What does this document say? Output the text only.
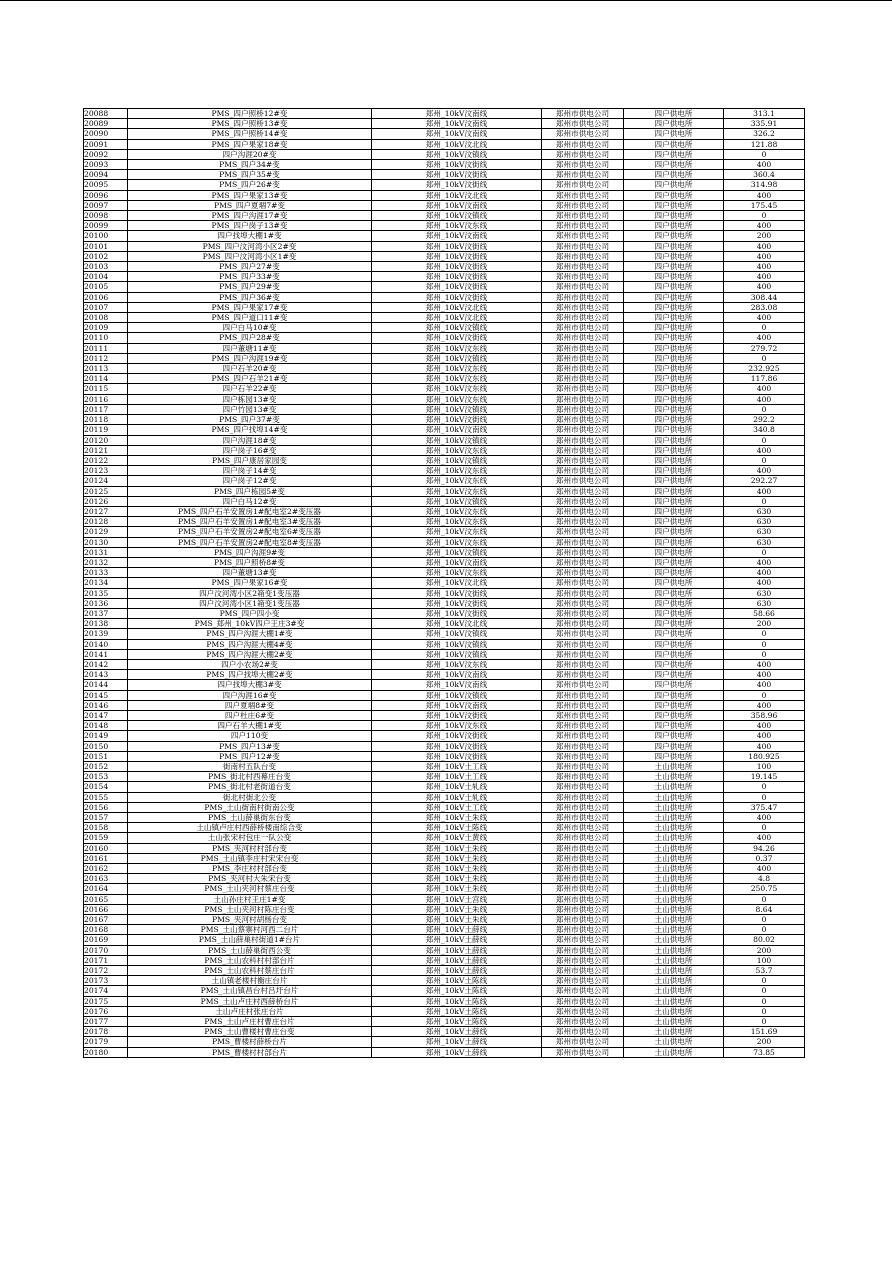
20088	PMS_四户照桥12#变	郑州_10kV汶南线	郑州市供电公司	四户供电所	313.1
20089	PMS_四户照桥13#变	郑州_10kV汶南线	郑州市供电公司	四户供电所	335.91
20090	PMS_四户照桥14#变	郑州_10kV汶南线	郑州市供电公司	四户供电所	326.2
20091	PMS_四户果家18#变	郑州_10kV汶北线	郑州市供电公司	四户供电所	121.88
20092	四户沟涯20#变	郑州_10kV汶镇线	郑州市供电公司	四户供电所	0
20093	PMS_四户34#变	郑州_10kV汶街线	郑州市供电公司	四户供电所	400
20094	PMS_四户35#变	郑州_10kV汶街线	郑州市供电公司	四户供电所	360.4
20095	PMS_四户26#变	郑州_10kV汶街线	郑州市供电公司	四户供电所	314.98
20096	PMS_四户果家13#变	郑州_10kV汶北线	郑州市供电公司	四户供电所	400
20097	PMS_四户夏堌7#变	郑州_10kV汶南线	郑州市供电公司	四户供电所	175.45
20098	PMS_四户沟涯17#变	郑州_10kV汶镇线	郑州市供电公司	四户供电所	0
20099	PMS_四户岗子13#变	郑州_10kV汶东线	郑州市供电公司	四户供电所	400
20100	四户找埠大棚1#变	郑州_10kV汶南线	郑州市供电公司	四户供电所	200
20101	PMS_四户汶河湾小区2#变	郑州_10kV汶街线	郑州市供电公司	四户供电所	400
20102	PMS_四户汶河湾小区1#变	郑州_10kV汶街线	郑州市供电公司	四户供电所	400
20103	PMS_四户27#变	郑州_10kV汶街线	郑州市供电公司	四户供电所	400
20104	PMS_四户33#变	郑州_10kV汶街线	郑州市供电公司	四户供电所	400
20105	PMS_四户29#变	郑州_10kV汶街线	郑州市供电公司	四户供电所	400
20106	PMS_四户36#变	郑州_10kV汶街线	郑州市供电公司	四户供电所	308.44
20107	PMS_四户果家17#变	郑州_10kV汶北线	郑州市供电公司	四户供电所	283.08
20108	PMS_四户道口11#变	郑州_10kV汶北线	郑州市供电公司	四户供电所	400
20109	四户白马10#变	郑州_10kV汶镇线	郑州市供电公司	四户供电所	0
20110	PMS_四户28#变	郑州_10kV汶街线	郑州市供电公司	四户供电所	400
20111	四户董塘11#变	郑州_10kV汶东线	郑州市供电公司	四户供电所	279.72
20112	PMS_四户沟涯19#变	郑州_10kV汶镇线	郑州市供电公司	四户供电所	0
20113	四户石羊20#变	郑州_10kV汶东线	郑州市供电公司	四户供电所	232.925
20114	PMS_四户石羊21#变	郑州_10kV汶东线	郑州市供电公司	四户供电所	117.86
20115	四户石羊22#变	郑州_10kV汶东线	郑州市供电公司	四户供电所	400
20116	四户栋园13#变	郑州_10kV汶东线	郑州市供电公司	四户供电所	400
20117	四户竹园13#变	郑州_10kV汶镇线	郑州市供电公司	四户供电所	0
20118	PMS_四户37#变	郑州_10kV汶街线	郑州市供电公司	四户供电所	292.2
20119	PMS_四户找埠14#变	郑州_10kV汶南线	郑州市供电公司	四户供电所	340.8
20120	四户沟涯18#变	郑州_10kV汶镇线	郑州市供电公司	四户供电所	0
20121	四户岗子16#变	郑州_10kV汶东线	郑州市供电公司	四户供电所	400
20122	PMS_四户康居家园变	郑州_10kV汶镇线	郑州市供电公司	四户供电所	0
20123	四户岗子14#变	郑州_10kV汶东线	郑州市供电公司	四户供电所	400
20124	四户岗子12#变	郑州_10kV汶东线	郑州市供电公司	四户供电所	292.27
20125	PMS_四户栋园5#变	郑州_10kV汶东线	郑州市供电公司	四户供电所	400
20126	四户白马12#变	郑州_10kV汶镇线	郑州市供电公司	四户供电所	0
20127	PMS_四户石羊安置房1#配电室2#变压器	郑州_10kV汶东线	郑州市供电公司	四户供电所	630
20128	PMS_四户石羊安置房1#配电室3#变压器	郑州_10kV汶东线	郑州市供电公司	四户供电所	630
20129	PMS_四户石羊安置房2#配电室6#变压器	郑州_10kV汶东线	郑州市供电公司	四户供电所	630
20130	PMS_四户石羊安置房2#配电室8#变压器	郑州_10kV汶东线	郑州市供电公司	四户供电所	630
20131	PMS_四户沟涯9#变	郑州_10kV汶镇线	郑州市供电公司	四户供电所	0
20132	PMS_四户照桥8#变	郑州_10kV汶南线	郑州市供电公司	四户供电所	400
20133	四户董塘13#变	郑州_10kV汶东线	郑州市供电公司	四户供电所	400
20134	PMS_四户果家16#变	郑州_10kV汶北线	郑州市供电公司	四户供电所	400
20135	四户汶河湾小区2箱变1变压器	郑州_10kV汶街线	郑州市供电公司	四户供电所	630
20136	四户汶河湾小区1箱变1变压器	郑州_10kV汶街线	郑州市供电公司	四户供电所	630
20137	PMS_四户四小变	郑州_10kV汶街线	郑州市供电公司	四户供电所	58.66
20138	PMS_郑州_10kV四户王庄3#变	郑州_10kV汶北线	郑州市供电公司	四户供电所	200
20139	PMS_四户沟涯大棚1#变	郑州_10kV汶镇线	郑州市供电公司	四户供电所	0
20140	PMS_四户沟涯大棚4#变	郑州_10kV汶镇线	郑州市供电公司	四户供电所	0
20141	PMS_四户沟涯大棚2#变	郑州_10kV汶镇线	郑州市供电公司	四户供电所	0
20142	四户小农场2#变	郑州_10kV汶东线	郑州市供电公司	四户供电所	400
20143	PMS_四户找埠大棚2#变	郑州_10kV汶南线	郑州市供电公司	四户供电所	400
20144	四户找埠大棚3#变	郑州_10kV汶南线	郑州市供电公司	四户供电所	400
20145	四户沟涯16#变	郑州_10kV汶镇线	郑州市供电公司	四户供电所	0
20146	四户夏堌8#变	郑州_10kV汶南线	郑州市供电公司	四户供电所	400
20147	四户杜庄6#变	郑州_10kV汶街线	郑州市供电公司	四户供电所	358.96
20148	四户石羊大棚1#变	郑州_10kV汶东线	郑州市供电公司	四户供电所	400
20149	四户110变	郑州_10kV汶街线	郑州市供电公司	四户供电所	400
20150	PMS_四户13#变	郑州_10kV汶街线	郑州市供电公司	四户供电所	400
20151	PMS_四户12#变	郑州_10kV汶街线	郑州市供电公司	四户供电所	180.925
20152	街南村五队台变	郑州_10kV土工线	郑州市供电公司	土山供电所	100
20153	PMS_街北村西幕庄台变	郑州_10kV土工线	郑州市供电公司	土山供电所	19.145
20154	PMS_街北村老街道台变	郑州_10kV土轧线	郑州市供电公司	土山供电所	0
20155	街北村街北公变	郑州_10kV土轧线	郑州市供电公司	土山供电所	0
20156	PMS_土山街南村街南公变	郑州_10kV土工线	郑州市供电公司	土山供电所	375.47
20157	PMS_土山薛巢街东台变	郑州_10kV土朱线	郑州市供电公司	土山供电所	400
20158	土山镇卢庄村西薛桥楼南综合变	郑州_10kV土陈线	郑州市供电公司	土山供电所	0
20159	土山张宋村包庄一队公变	郑州_10kV土黄线	郑州市供电公司	土山供电所	400
20160	PMS_夹河村村部台变	郑州_10kV土朱线	郑州市供电公司	土山供电所	94.26
20161	PMS_土山镇李庄村宋宋台变	郑州_10kV土朱线	郑州市供电公司	土山供电所	0.37
20162	PMS_李庄村村部台变	郑州_10kV土朱线	郑州市供电公司	土山供电所	400
20163	PMS_夹河村大朱宋台变	郑州_10kV土朱线	郑州市供电公司	土山供电所	4.8
20164	PMS_土山夹河村蔡庄台变	郑州_10kV土朱线	郑州市供电公司	土山供电所	250.75
20165	土山孙庄村王庄1#变	郑州_10kV土宫线	郑州市供电公司	土山供电所	0
20166	PMS_土山夹河村陈庄台变	郑州_10kV土朱线	郑州市供电公司	土山供电所	8.64
20167	PMS_夹河村胡杨台变	郑州_10kV土朱线	郑州市供电公司	土山供电所	0
20168	PMS_土山蔡寨村河西二台片	郑州_10kV土薛线	郑州市供电公司	土山供电所	0
20169	PMS_土山薛巢村街道1#台片	郑州_10kV土薛线	郑州市供电公司	土山供电所	80.02
20170	PMS_土山薛巢街西公变	郑州_10kV土薛线	郑州市供电公司	土山供电所	200
20171	PMS_土山农科村村部台片	郑州_10kV土薛线	郑州市供电公司	土山供电所	100
20172	PMS_土山农科村蔡庄台片	郑州_10kV土薛线	郑州市供电公司	土山供电所	53.7
20173	土山镇老楼村衡庄台片	郑州_10kV土陈线	郑州市供电公司	土山供电所	0
20174	PMS_土山镇昌台村吕圩台片	郑州_10kV土陈线	郑州市供电公司	土山供电所	0
20175	PMS_土山卢庄村西薛桥台片	郑州_10kV土陈线	郑州市供电公司	土山供电所	0
20176	土山卢庄村张庄台片	郑州_10kV土陈线	郑州市供电公司	土山供电所	0
20177	PMS_土山卢庄村曹庄台片	郑州_10kV土陈线	郑州市供电公司	土山供电所	0
20178	PMS_土山曹楼村曹庄台变	郑州_10kV土薛线	郑州市供电公司	土山供电所	151.69
20179	PMS_曹楼村薛桥台片	郑州_10kV土薛线	郑州市供电公司	土山供电所	200
20180	PMS_曹楼村村部台片	郑州_10kV土薛线	郑州市供电公司	土山供电所	73.85
